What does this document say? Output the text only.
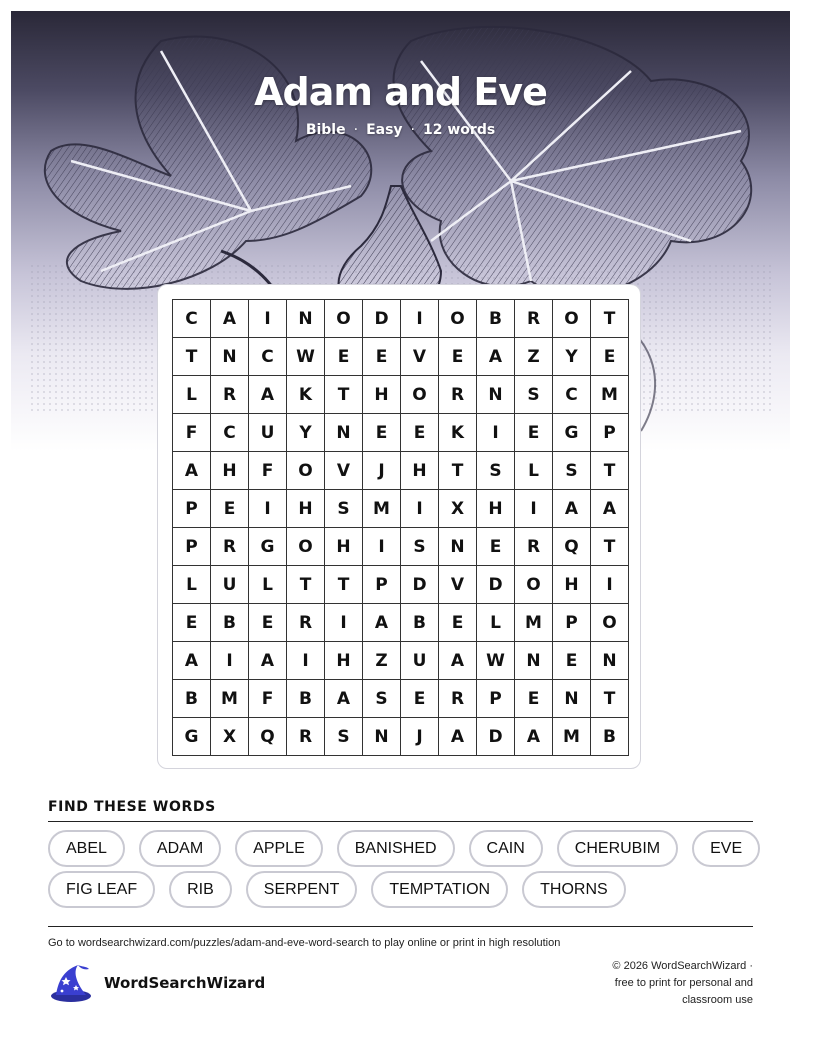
Adam and Eve
Bible · Easy · 12 words
C	A	I	N	O	D	I	O	B	R	O	T
T	N	C	W	E	E	V	E	A	Z	Y	E
L	R	A	K	T	H	O	R	N	S	C	M
F	C	U	Y	N	E	E	K	I	E	G	P
A	H	F	O	V	J	H	T	S	L	S	T
P	E	I	H	S	M	I	X	H	I	A	A
P	R	G	O	H	I	S	N	E	R	Q	T
L	U	L	T	T	P	D	V	D	O	H	I
E	B	E	R	I	A	B	E	L	M	P	O
A	I	A	I	H	Z	U	A	W	N	E	N
B	M	F	B	A	S	E	R	P	E	N	T
G	X	Q	R	S	N	J	A	D	A	M	B
FIND THESE WORDS
ABEL	ADAM	APPLE	BANISHED	CAIN	CHERUBIM	EVE
FIG LEAF	RIB	SERPENT	TEMPTATION	THORNS
Go to wordsearchwizard.com/puzzles/adam-and-eve-word-search to play online or print in high resolution
WordSearchWizard
© 2026 WordSearchWizard ·
free to print for personal and
classroom use
